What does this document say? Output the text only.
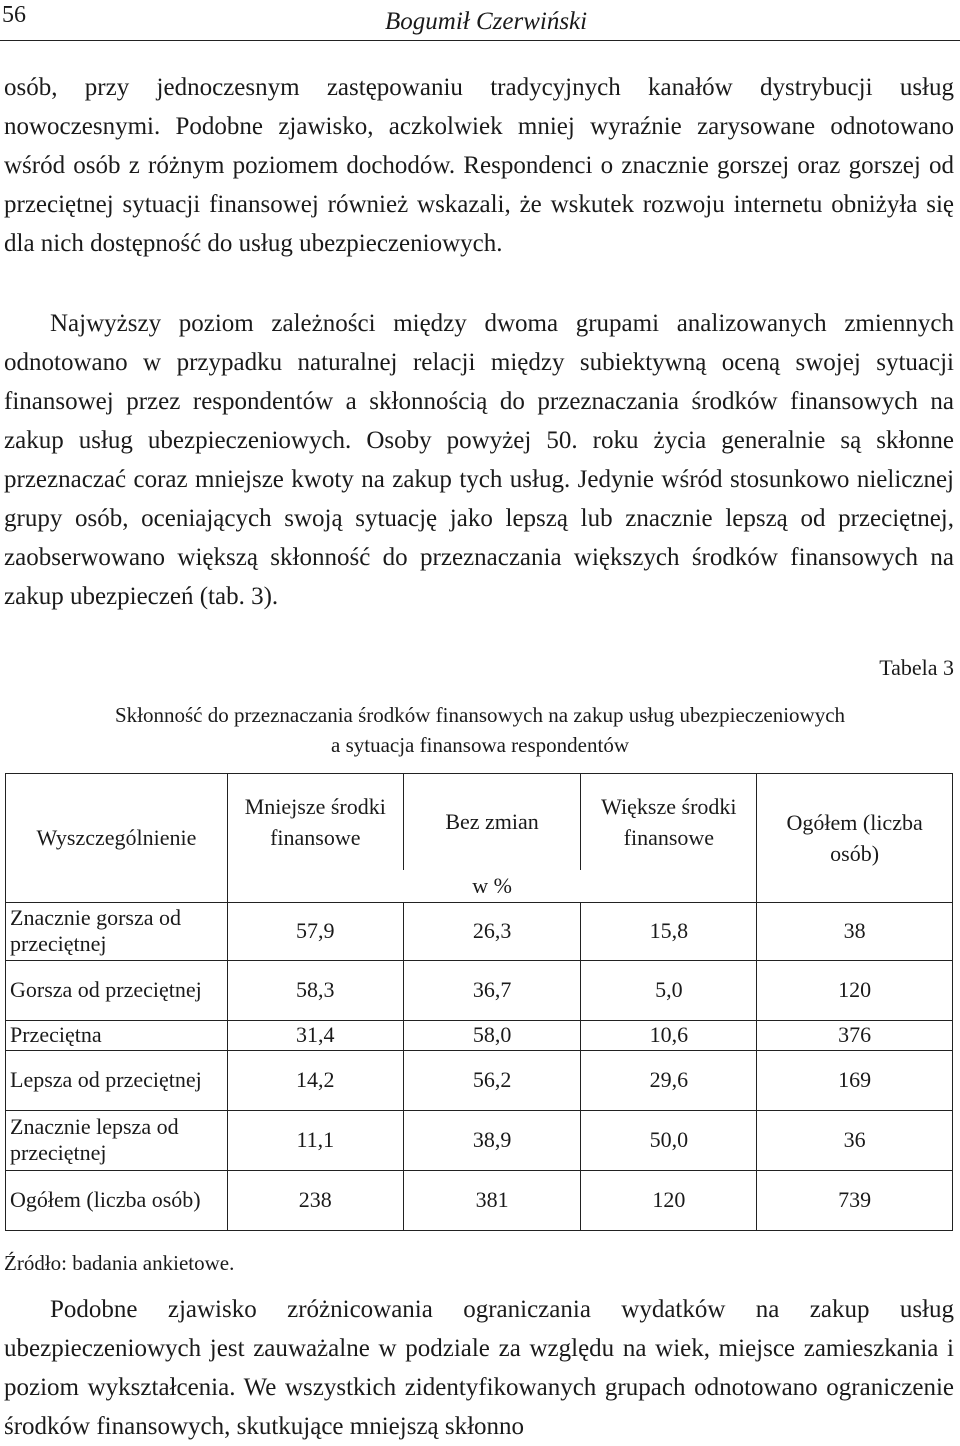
56	Bogumił Czerwiński

osób, przy jednoczesnym zastępowaniu tradycyjnych kanałów dystrybucji usług nowoczesnymi. Podobne zjawisko, aczkolwiek mniej wyraźnie zarysowane odnotowano wśród osób z różnym poziomem dochodów. Respondenci o znacznie gorszej oraz gorszej od przeciętnej sytuacji finansowej również wskazali, że wskutek rozwoju internetu obniżyła się dla nich dostępność do usług ubezpieczeniowych.

Najwyższy poziom zależności między dwoma grupami analizowanych zmiennych odnotowano w przypadku naturalnej relacji między subiektywną oceną swojej sytuacji finansowej przez respondentów a skłonnością do przeznaczania środków finansowych na zakup usług ubezpieczeniowych. Osoby powyżej 50. roku życia generalnie są skłonne przeznaczać coraz mniejsze kwoty na zakup tych usług. Jedynie wśród stosunkowo nielicznej grupy osób, oceniających swoją sytuację jako lepszą lub znacznie lepszą od przeciętnej, zaobserwowano większą skłonność do przeznaczania większych środków finansowych na zakup ubezpieczeń (tab. 3).

Tabela 3
Skłonność do przeznaczania środków finansowych na zakup usług ubezpieczeniowych
a sytuacja finansowa respondentów
Wyszczególnienie	Mniejsze środki finansowe	Bez zmian	Większe środki finansowe	Ogółem (liczba osób)
	w %			
Znacznie gorsza od przeciętnej	57,9	26,3	15,8	38
Gorsza od przeciętnej	58,3	36,7	5,0	120
Przeciętna	31,4	58,0	10,6	376
Lepsza od przeciętnej	14,2	56,2	29,6	169
Znacznie lepsza od przeciętnej	11,1	38,9	50,0	36
Ogółem (liczba osób)	238	381	120	739
Źródło: badania ankietowe.

Podobne zjawisko zróżnicowania ograniczania wydatków na zakup usług ubezpieczeniowych jest zauważalne w podziale za względu na wiek, miejsce zamieszkania i poziom wykształcenia. We wszystkich zidentyfikowanych grupach odnotowano ograniczenie środków finansowych, skutkujące mniejszą skłonno
